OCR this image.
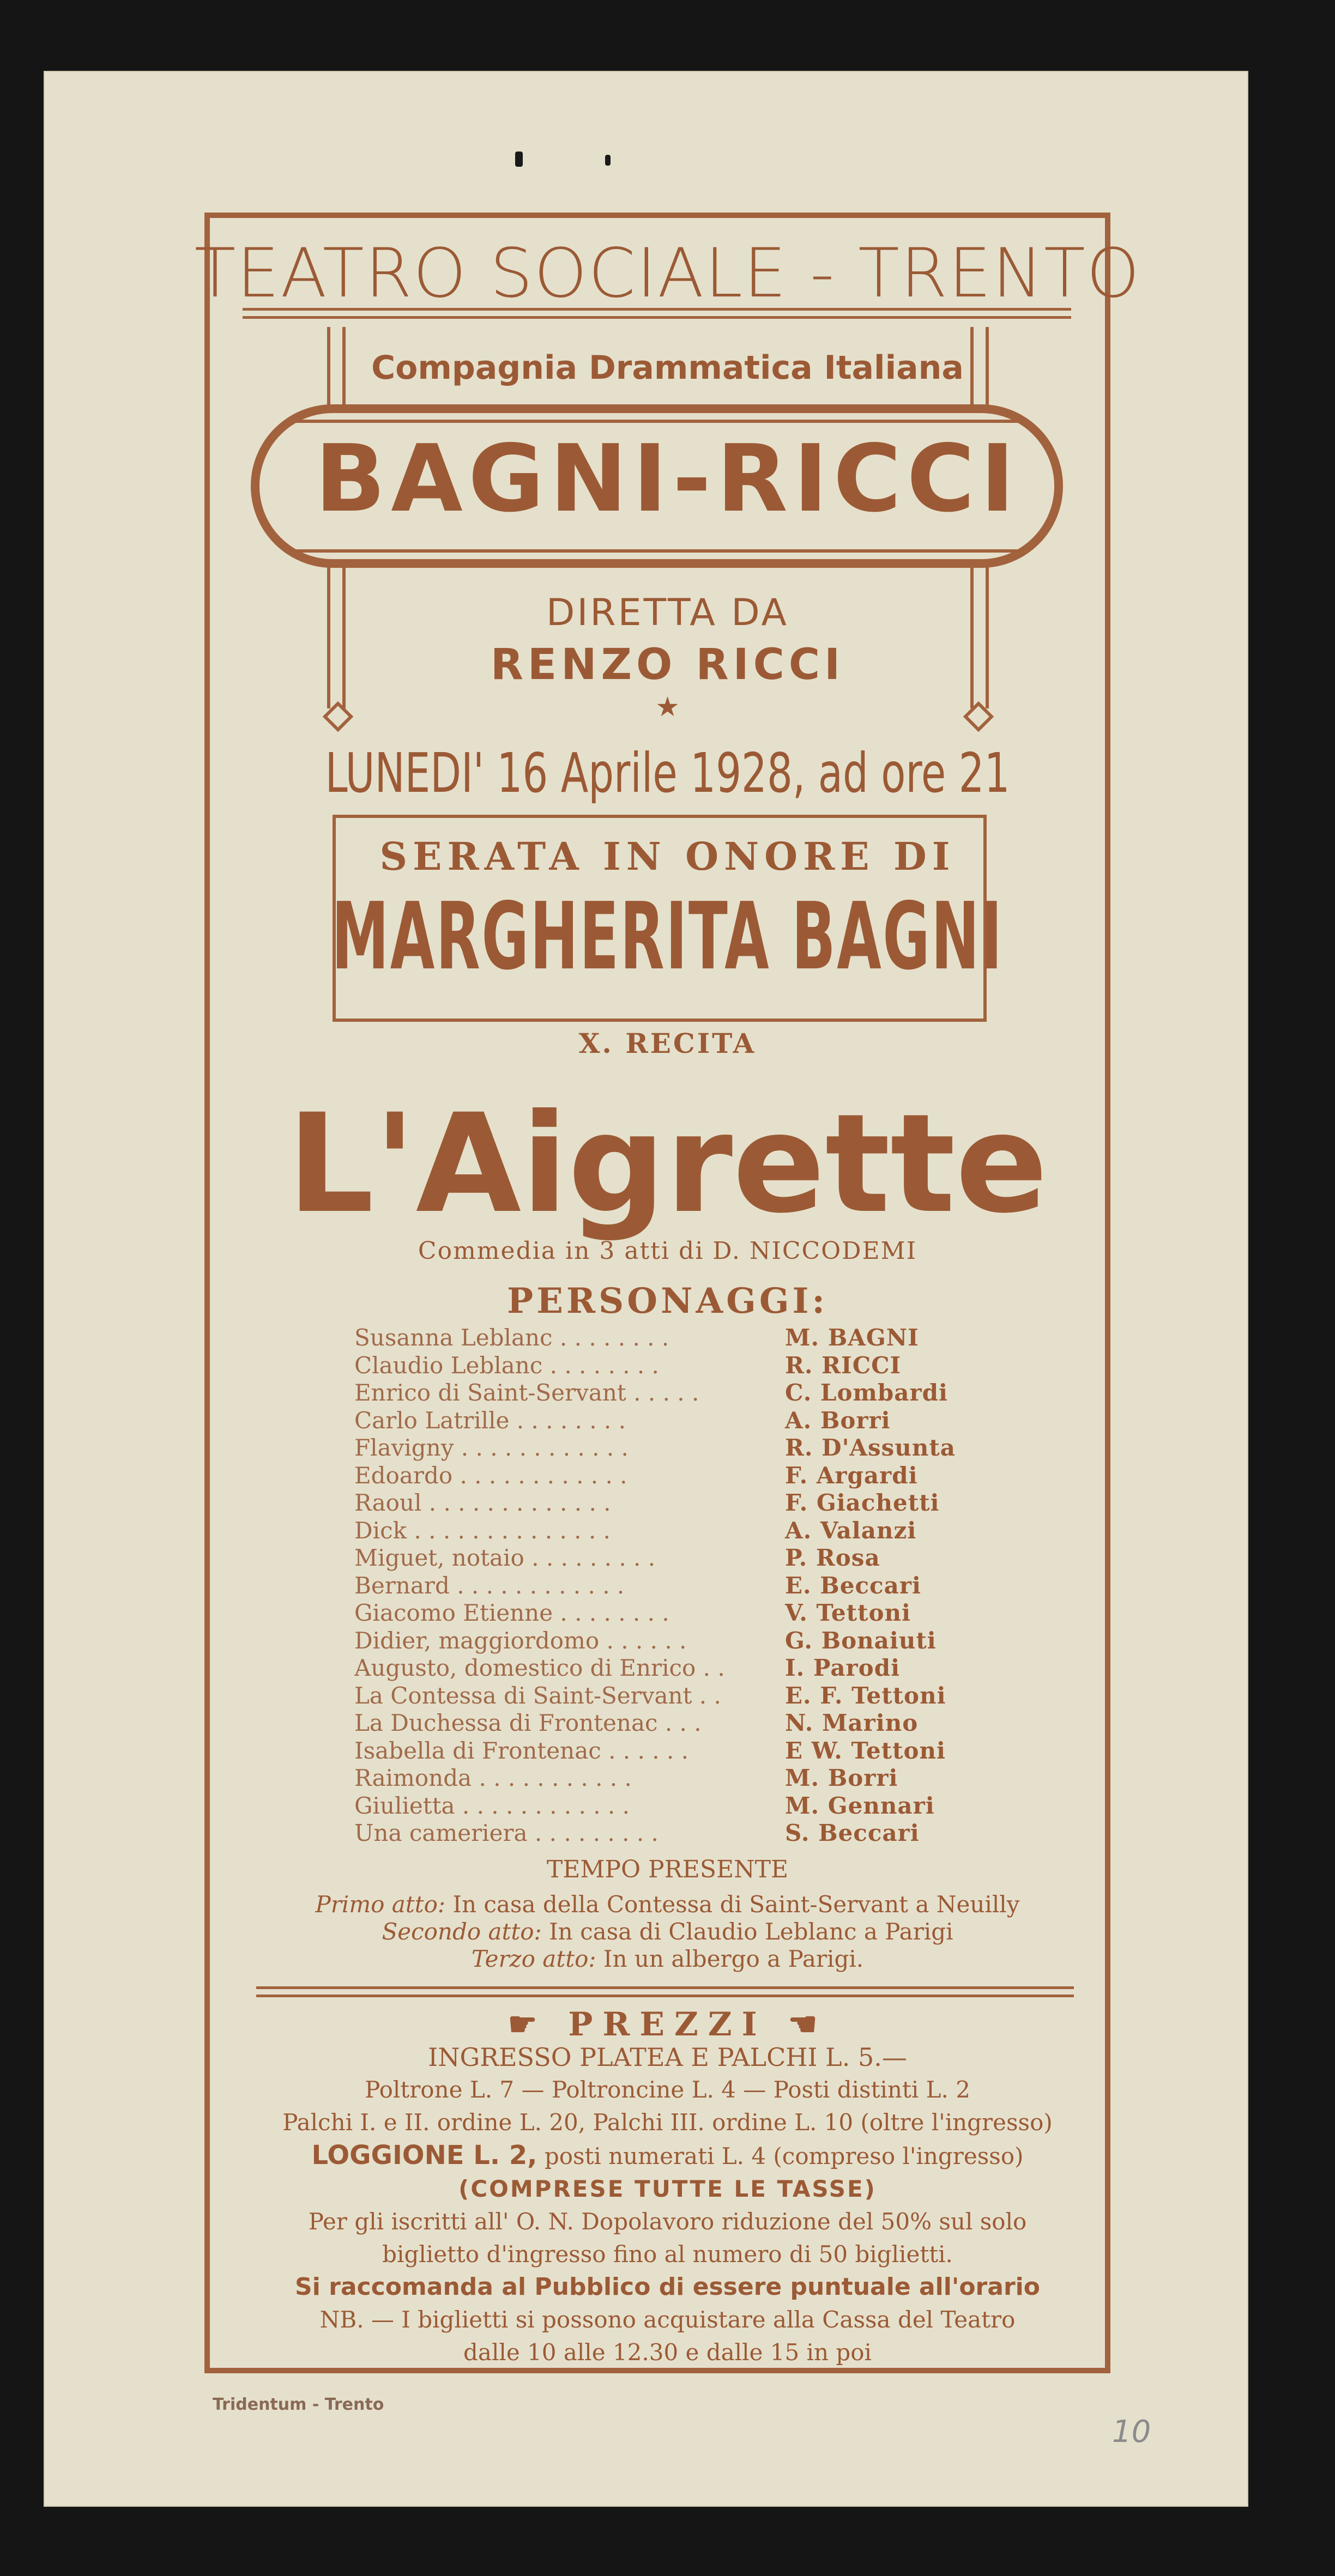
TEATRO SOCIALE - TRENTO
Compagnia Drammatica Italiana
BAGNI-RICCI
DIRETTA DA
RENZO RICCI
★
LUNEDI' 16 Aprile 1928, ad ore 21
SERATA IN ONORE DI
MARGHERITA BAGNI
X. RECITA
L'Aigrette
Commedia in 3 atti di D. NICCODEMI
PERSONAGGI:
Susanna Leblanc . . . . . . . .	M. BAGNI
Claudio Leblanc . . . . . . . .	R. RICCI
Enrico di Saint-Servant . . . . .	C. Lombardi
Carlo Latrille . . . . . . . .	A. Borri
Flavigny . . . . . . . . . . . .	R. D'Assunta
Edoardo . . . . . . . . . . . .	F. Argardi
Raoul . . . . . . . . . . . . .	F. Giachetti
Dick . . . . . . . . . . . . . .	A. Valanzi
Miguet, notaio . . . . . . . . .	P. Rosa
Bernard . . . . . . . . . . . .	E. Beccari
Giacomo Etienne . . . . . . . .	V. Tettoni
Didier, maggiordomo . . . . . .	G. Bonaiuti
Augusto, domestico di Enrico . .	I. Parodi
La Contessa di Saint-Servant . .	E. F. Tettoni
La Duchessa di Frontenac . . .	N. Marino
Isabella di Frontenac . . . . . .	E W. Tettoni
Raimonda . . . . . . . . . . .	M. Borri
Giulietta . . . . . . . . . . . .	M. Gennari
Una cameriera . . . . . . . . .	S. Beccari
TEMPO PRESENTE
Primo atto: In casa della Contessa di Saint-Servant a Neuilly
Secondo atto: In casa di Claudio Leblanc a Parigi
Terzo atto: In un albergo a Parigi.
☛ PREZZI ☚
INGRESSO PLATEA E PALCHI L. 5.—
Poltrone L. 7 — Poltroncine L. 4 — Posti distinti L. 2
Palchi I. e II. ordine L. 20, Palchi III. ordine L. 10 (oltre l'ingresso)
LOGGIONE L. 2, posti numerati L. 4 (compreso l'ingresso)
(COMPRESE TUTTE LE TASSE)
Per gli iscritti all' O. N. Dopolavoro riduzione del 50% sul solo
biglietto d'ingresso fino al numero di 50 biglietti.
Si raccomanda al Pubblico di essere puntuale all'orario
NB. — I biglietti si possono acquistare alla Cassa del Teatro
dalle 10 alle 12.30 e dalle 15 in poi
Tridentum - Trento
10
